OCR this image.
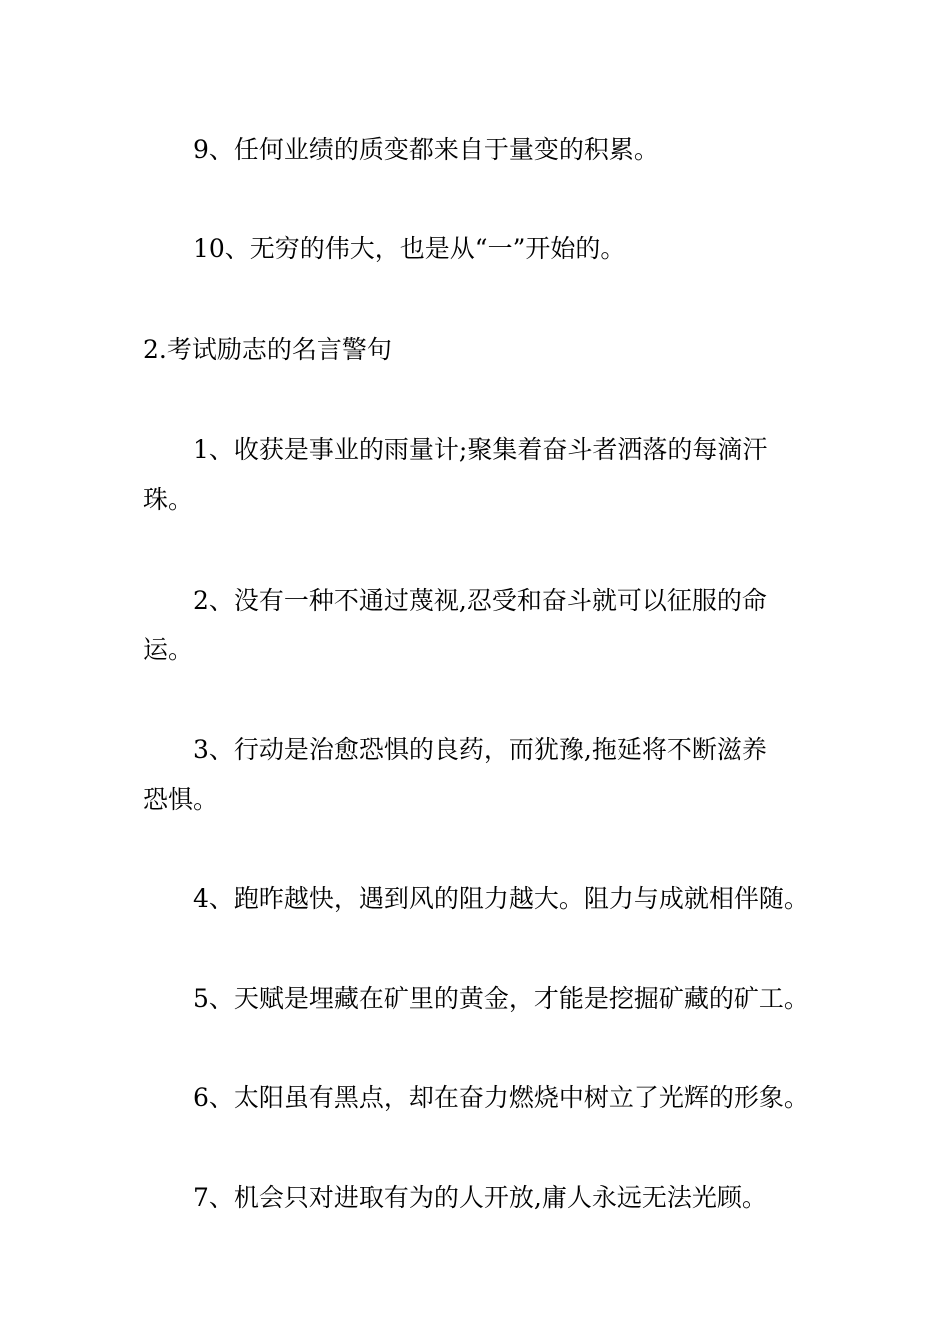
9、任何业绩的质变都来自于量变的积累。
10、无穷的伟大，也是从“一”开始的。
2.考试励志的名言警句
1、收获是事业的雨量计;聚集着奋斗者洒落的每滴汗
珠。
2、没有一种不通过蔑视,忍受和奋斗就可以征服的命
运。
3、行动是治愈恐惧的良药，而犹豫,拖延将不断滋养
恐惧。
4、跑昨越快，遇到风的阻力越大。阻力与成就相伴随。
5、天赋是埋藏在矿里的黄金，才能是挖掘矿藏的矿工。
6、太阳虽有黑点，却在奋力燃烧中树立了光辉的形象。
7、机会只对进取有为的人开放,庸人永远无法光顾。
